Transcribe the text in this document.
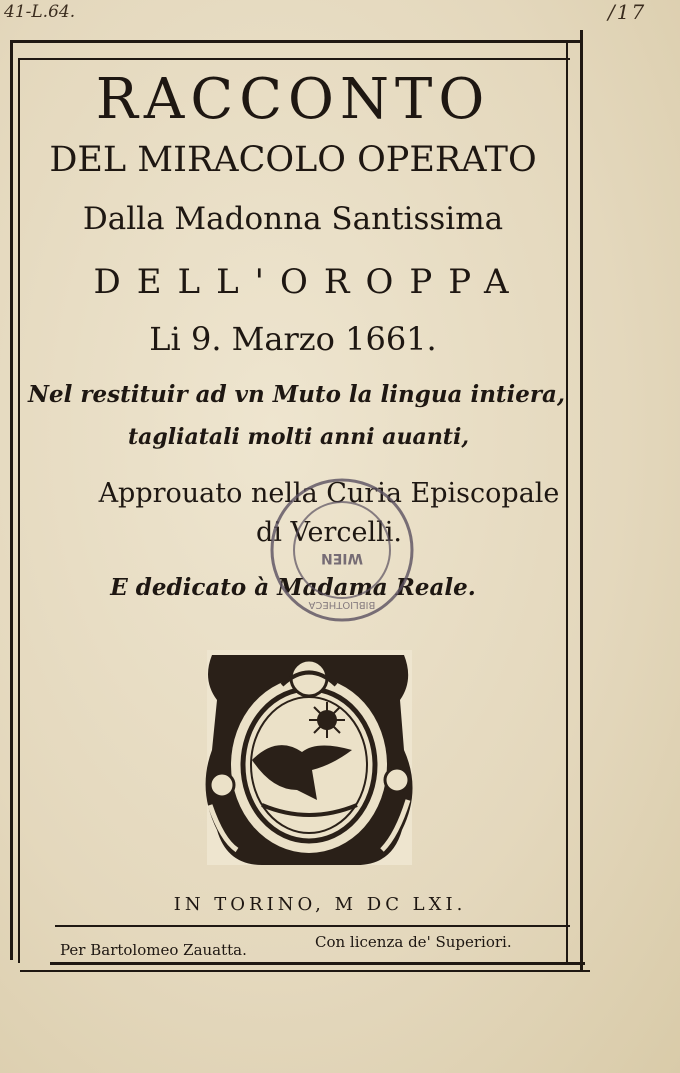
41-L.64.	/17
RACCONTO
DEL MIRACOLO OPERATO
Dalla Madonna Santissima
DELL'OROPPA
Li 9. Marzo 1661.
Nel restituir ad vn Muto la lingua intiera,
tagliatali molti anni auanti,
Approuato nella Curia Episcopale
di Vercelli.
E dedicato à Madama Reale.
WIEN
BIBLIOTHECA
IN TORINO, M DC LXI.
Per Bartolomeo Zauatta.	Con licenza de' Superiori.
